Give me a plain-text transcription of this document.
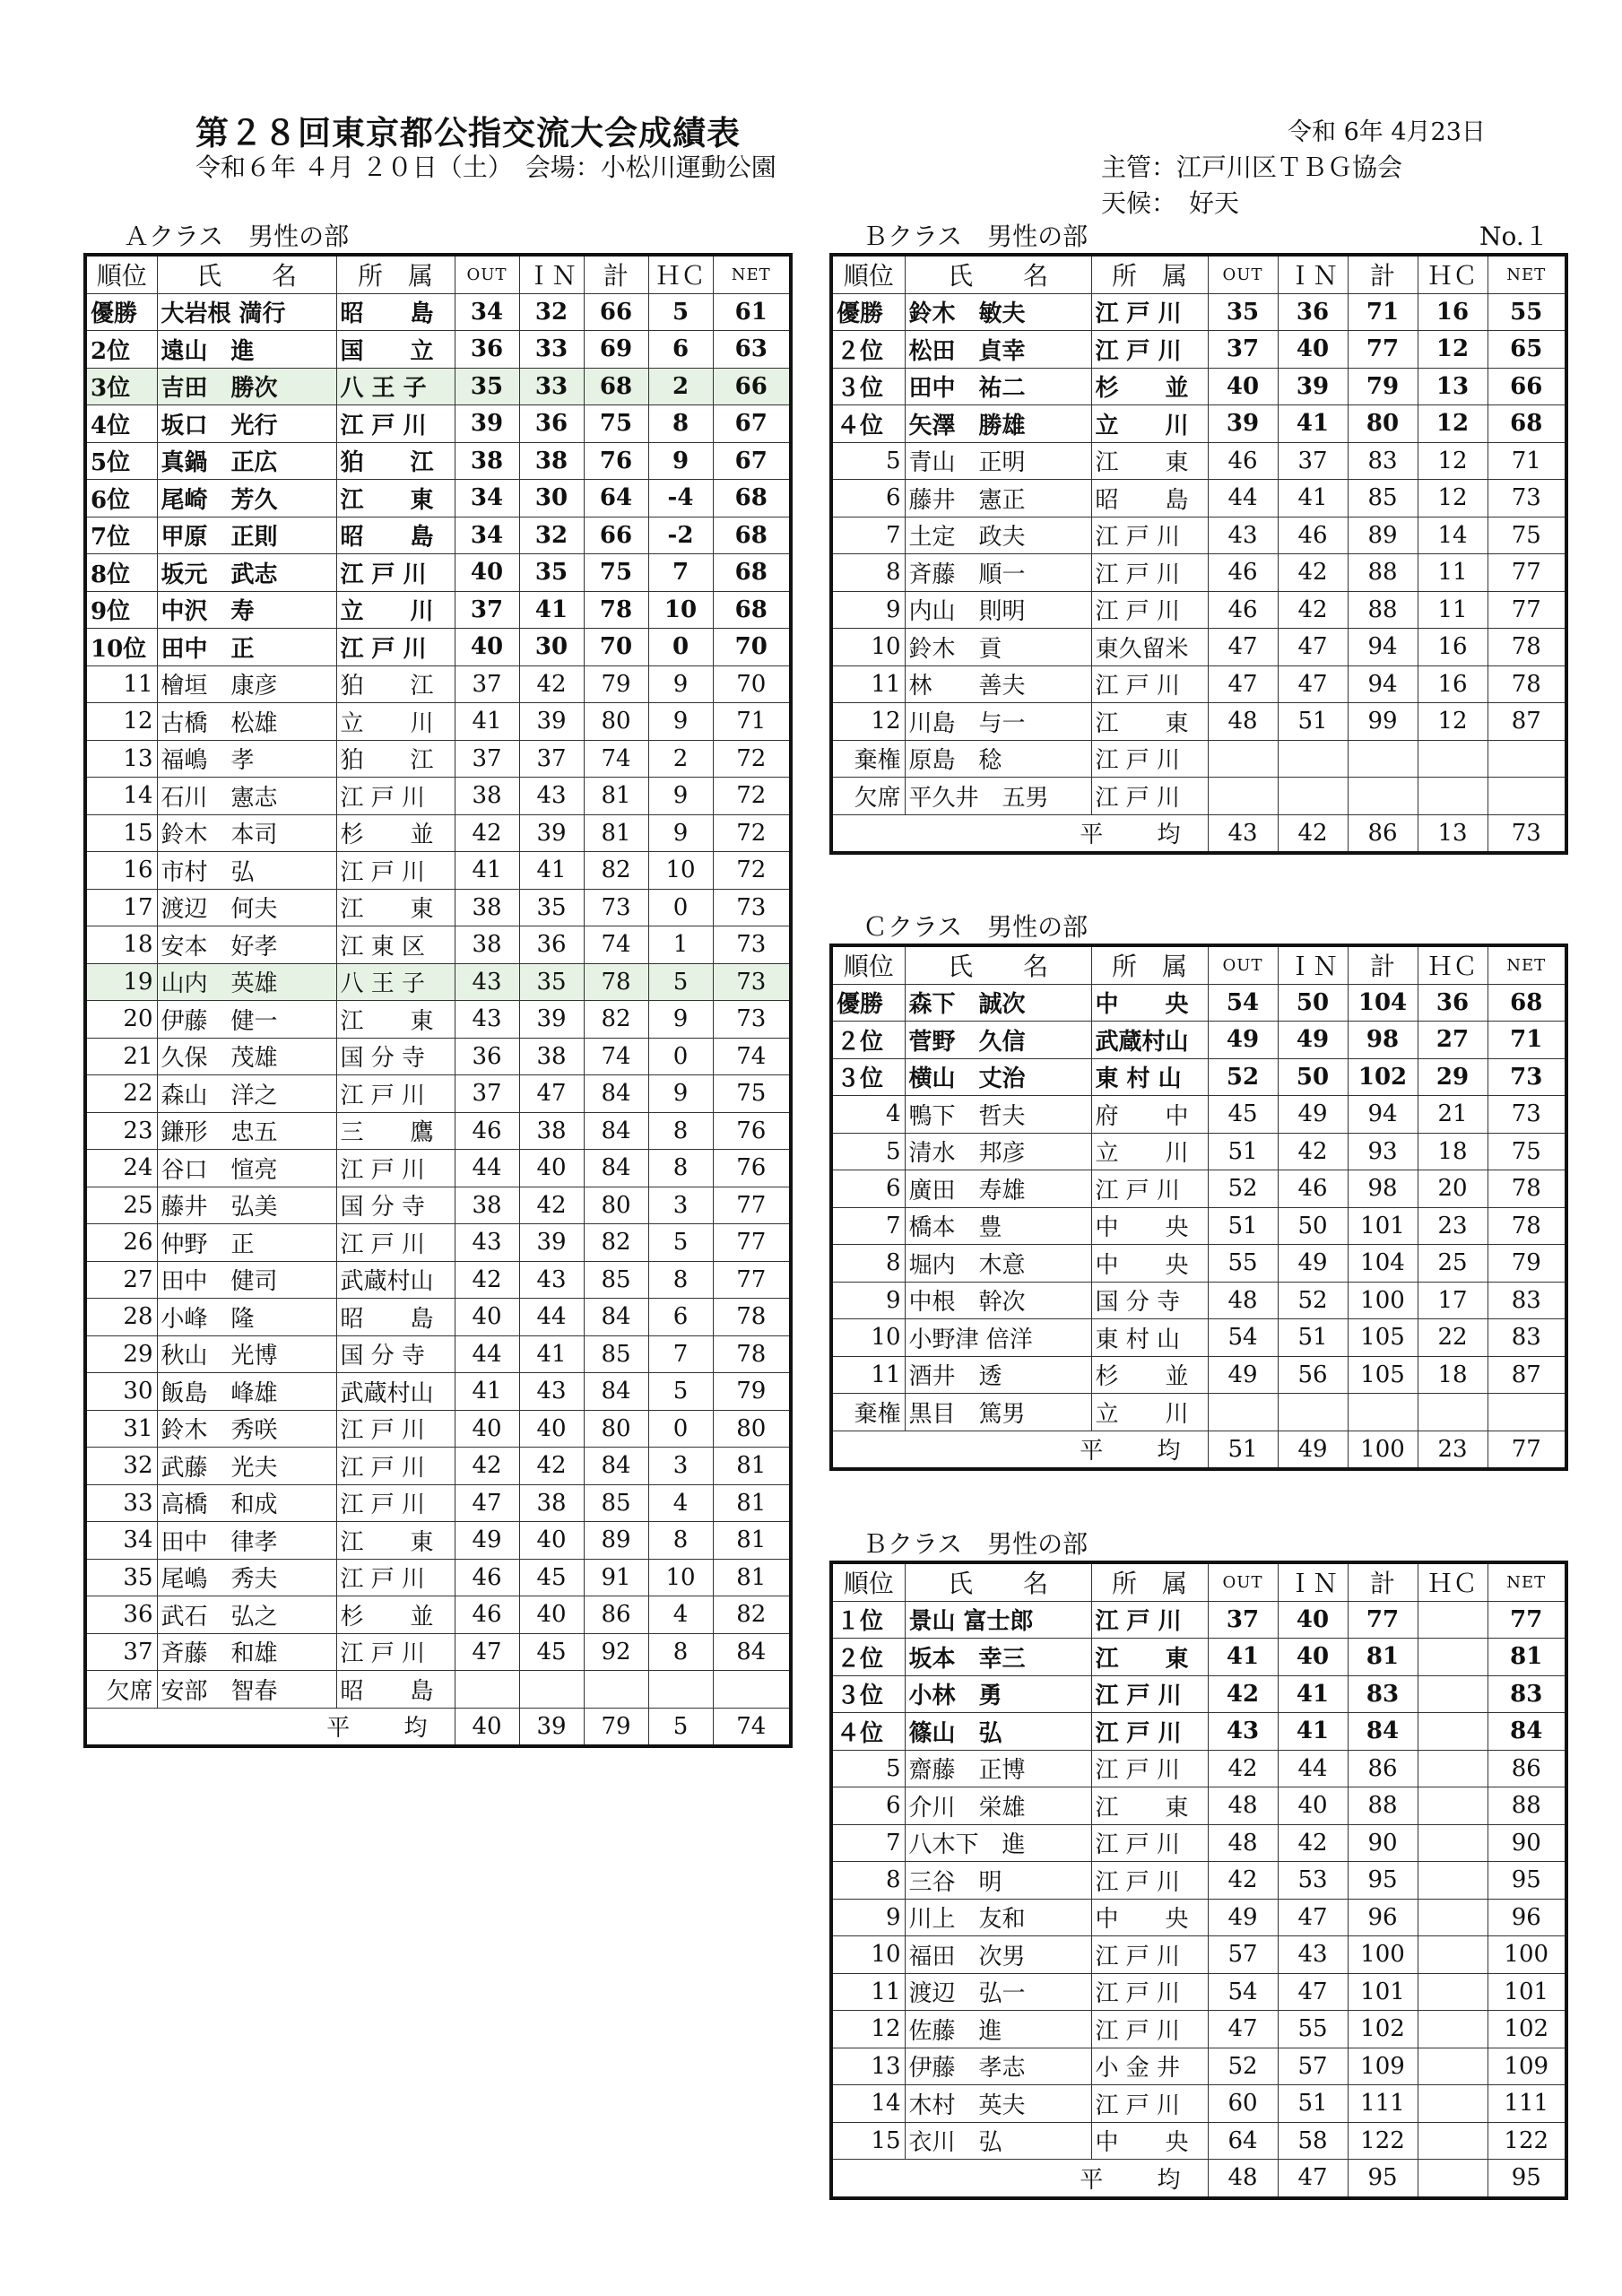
第２８回東京都公指交流大会成績表	令和 6年 4月23日
令和６年 ４月 ２０日（土）　会場：小松川運動公園	主管：江戸川区ＴＢＧ協会
天候：　好天
No.１
Ａクラス　男性の部
順位	氏　　名	所　属	OUT	ＩＮ	計	ＨＣ	NET
優勝	大岩根 満行	昭　　島	34	32	66	5	61
2位	遠山　進	国　　立	36	33	69	6	63
3位	吉田　勝次	八 王 子	35	33	68	2	66
4位	坂口　光行	江 戸 川	39	36	75	8	67
5位	真鍋　正広	狛　　江	38	38	76	9	67
6位	尾崎　芳久	江　　東	34	30	64	-4	68
7位	甲原　正則	昭　　島	34	32	66	-2	68
8位	坂元　武志	江 戸 川	40	35	75	7	68
9位	中沢　寿	立　　川	37	41	78	10	68
10位	田中　正	江 戸 川	40	30	70	0	70
11	檜垣　康彦	狛　　江	37	42	79	9	70
12	古橋　松雄	立　　川	41	39	80	9	71
13	福嶋　孝	狛　　江	37	37	74	2	72
14	石川　憲志	江 戸 川	38	43	81	9	72
15	鈴木　本司	杉　　並	42	39	81	9	72
16	市村　弘	江 戸 川	41	41	82	10	72
17	渡辺　何夫	江　　東	38	35	73	0	73
18	安本　好孝	江 東 区	38	36	74	1	73
19	山内　英雄	八 王 子	43	35	78	5	73
20	伊藤　健一	江　　東	43	39	82	9	73
21	久保　茂雄	国 分 寺	36	38	74	0	74
22	森山　洋之	江 戸 川	37	47	84	9	75
23	鎌形　忠五	三　　鷹	46	38	84	8	76
24	谷口　愃亮	江 戸 川	44	40	84	8	76
25	藤井　弘美	国 分 寺	38	42	80	3	77
26	仲野　正	江 戸 川	43	39	82	5	77
27	田中　健司	武蔵村山	42	43	85	8	77
28	小峰　隆	昭　　島	40	44	84	6	78
29	秋山　光博	国 分 寺	44	41	85	7	78
30	飯島　峰雄	武蔵村山	41	43	84	5	79
31	鈴木　秀咲	江 戸 川	40	40	80	0	80
32	武藤　光夫	江 戸 川	42	42	84	3	81
33	高橋　和成	江 戸 川	47	38	85	4	81
34	田中　律孝	江　　東	49	40	89	8	81
35	尾嶋　秀夫	江 戸 川	46	45	91	10	81
36	武石　弘之	杉　　並	46	40	86	4	82
37	斉藤　和雄	江 戸 川	47	45	92	8	84
欠席	安部　智春	昭　　島					
平 均			40	39	79	5	74
Ｂクラス　男性の部
順位	氏　　名	所　属	OUT	ＩＮ	計	ＨＣ	NET
優勝	鈴木　敏夫	江 戸 川	35	36	71	16	55
２位	松田　貞幸	江 戸 川	37	40	77	12	65
３位	田中　祐二	杉　　並	40	39	79	13	66
４位	矢澤　勝雄	立　　川	39	41	80	12	68
5	青山　正明	江　　東	46	37	83	12	71
6	藤井　憲正	昭　　島	44	41	85	12	73
7	土定　政夫	江 戸 川	43	46	89	14	75
8	斉藤　順一	江 戸 川	46	42	88	11	77
9	内山　則明	江 戸 川	46	42	88	11	77
10	鈴木　貢	東久留米	47	47	94	16	78
11	林　　善夫	江 戸 川	47	47	94	16	78
12	川島　与一	江　　東	48	51	99	12	87
棄権	原島　稔	江 戸 川					
欠席	平久井　五男	江 戸 川					
平 均			43	42	86	13	73
Ｃクラス　男性の部
順位	氏　　名	所　属	OUT	ＩＮ	計	ＨＣ	NET
優勝	森下　誠次	中　　央	54	50	104	36	68
２位	菅野　久信	武蔵村山	49	49	98	27	71
３位	横山　丈治	東 村 山	52	50	102	29	73
4	鴨下　哲夫	府　　中	45	49	94	21	73
5	清水　邦彦	立　　川	51	42	93	18	75
6	廣田　寿雄	江 戸 川	52	46	98	20	78
7	橋本　豊	中　　央	51	50	101	23	78
8	堀内　木意	中　　央	55	49	104	25	79
9	中根　幹次	国 分 寺	48	52	100	17	83
10	小野津 倍洋	東 村 山	54	51	105	22	83
11	酒井　透	杉　　並	49	56	105	18	87
棄権	黒目　篤男	立　　川					
平 均			51	49	100	23	77
Ｂクラス　男性の部
順位	氏　　名	所　属	OUT	ＩＮ	計	ＨＣ	NET
１位	景山 富士郎	江 戸 川	37	40	77		77
２位	坂本　幸三	江　　東	41	40	81		81
３位	小林　勇	江 戸 川	42	41	83		83
４位	篠山　弘	江 戸 川	43	41	84		84
5	齋藤　正博	江 戸 川	42	44	86		86
6	介川　栄雄	江　　東	48	40	88		88
7	八木下　進	江 戸 川	48	42	90		90
8	三谷　明	江 戸 川	42	53	95		95
9	川上　友和	中　　央	49	47	96		96
10	福田　次男	江 戸 川	57	43	100		100
11	渡辺　弘一	江 戸 川	54	47	101		101
12	佐藤　進	江 戸 川	47	55	102		102
13	伊藤　孝志	小 金 井	52	57	109		109
14	木村　英夫	江 戸 川	60	51	111		111
15	衣川　弘	中　　央	64	58	122		122
平 均			48	47	95		95
